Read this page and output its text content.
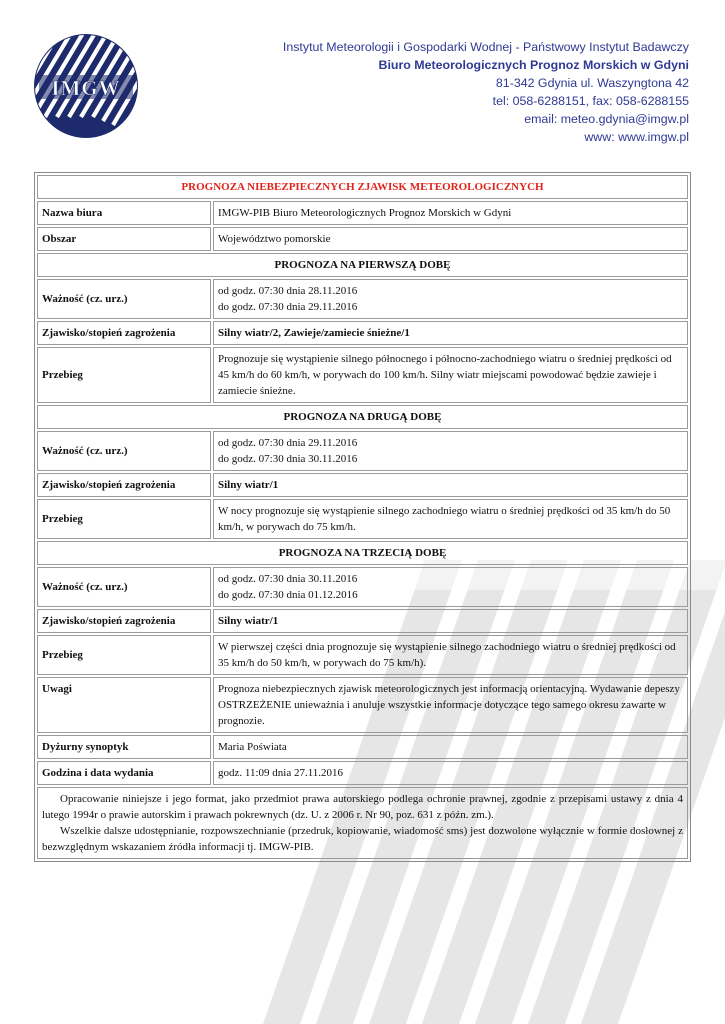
IMGW
Instytut Meteorologii i Gospodarki Wodnej - Państwowy Instytut Badawczy
Biuro Meteorologicznych Prognoz Morskich w Gdyni
81-342 Gdynia ul. Waszyngtona 42
tel: 058-6288151, fax: 058-6288155
email: meteo.gdynia@imgw.pl
www: www.imgw.pl
PROGNOZA NIEBEZPIECZNYCH ZJAWISK METEOROLOGICZNYCH	
Nazwa biura	IMGW-PIB Biuro Meteorologicznych Prognoz Morskich w Gdyni
Obszar	Województwo pomorskie
PROGNOZA NA PIERWSZĄ DOBĘ	
Ważność (cz. urz.)	od godz. 07:30 dnia 28.11.2016
do godz. 07:30 dnia 29.11.2016

Zjawisko/stopień zagrożenia	Silny wiatr/2, Zawieje/zamiecie śnieżne/1
Przebieg	Prognozuje się wystąpienie silnego północnego i północno-zachodniego wiatru o średniej prędkości od 45 km/h do 60 km/h, w porywach do 100 km/h. Silny wiatr miejscami powodować będzie zawieje i zamiecie śnieżne.
PROGNOZA NA DRUGĄ DOBĘ	
Ważność (cz. urz.)	od godz. 07:30 dnia 29.11.2016
do godz. 07:30 dnia 30.11.2016

Zjawisko/stopień zagrożenia	Silny wiatr/1
Przebieg	W nocy prognozuje się wystąpienie silnego zachodniego wiatru o średniej prędkości od 35 km/h do 50 km/h, w porywach do 75 km/h.
PROGNOZA NA TRZECIĄ DOBĘ	
Ważność (cz. urz.)	od godz. 07:30 dnia 30.11.2016
do godz. 07:30 dnia 01.12.2016

Zjawisko/stopień zagrożenia	Silny wiatr/1
Przebieg	W pierwszej części dnia prognozuje się wystąpienie silnego zachodniego wiatru o średniej prędkości od 35 km/h do 50 km/h, w porywach do 75 km/h).
Uwagi	Prognoza niebezpiecznych zjawisk meteorologicznych jest informacją orientacyjną. Wydawanie depeszy OSTRZEŻENIE unieważnia i anuluje wszystkie informacje dotyczące tego samego okresu zawarte w prognozie.
Dyżurny synoptyk	Maria Poświata
Godzina i data wydania	godz. 11:09 dnia 27.11.2016

Opracowanie niniejsze i jego format, jako przedmiot prawa autorskiego podlega ochronie prawnej, zgodnie z przepisami ustawy z dnia 4 lutego 1994r o prawie autorskim i prawach pokrewnych (dz. U. z 2006 r. Nr 90, poz. 631 z późn. zm.).

Wszelkie dalsze udostępnianie, rozpowszechnianie (przedruk, kopiowanie, wiadomość sms) jest dozwolone wyłącznie w formie dosłownej z bezwzględnym wskazaniem źródła informacji tj. IMGW-PIB.	
